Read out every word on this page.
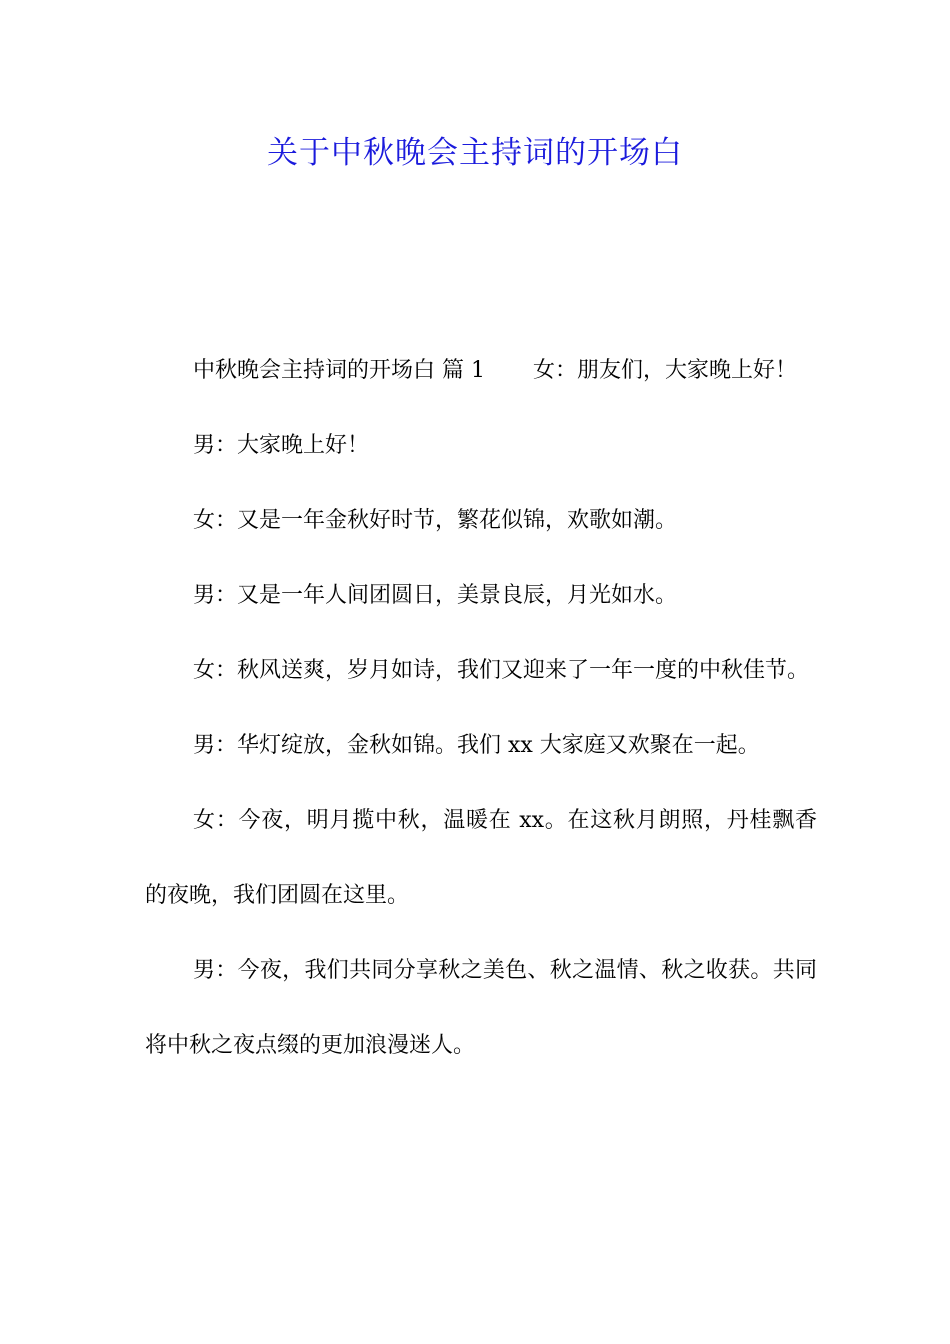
关于中秋晚会主持词的开场白

中秋晚会主持词的开场白 篇 1 女：朋友们，大家晚上好！

男：大家晚上好！

女：又是一年金秋好时节，繁花似锦，欢歌如潮。

男：又是一年人间团圆日，美景良辰，月光如水。

女：秋风送爽，岁月如诗，我们又迎来了一年一度的中秋佳节。

男：华灯绽放，金秋如锦。我们 xx 大家庭又欢聚在一起。

女：今夜，明月揽中秋，温暖在 xx。在这秋月朗照，丹桂飘香的夜晚，我们团圆在这里。

男：今夜，我们共同分享秋之美色、秋之温情、秋之收获。共同将中秋之夜点缀的更加浪漫迷人。
